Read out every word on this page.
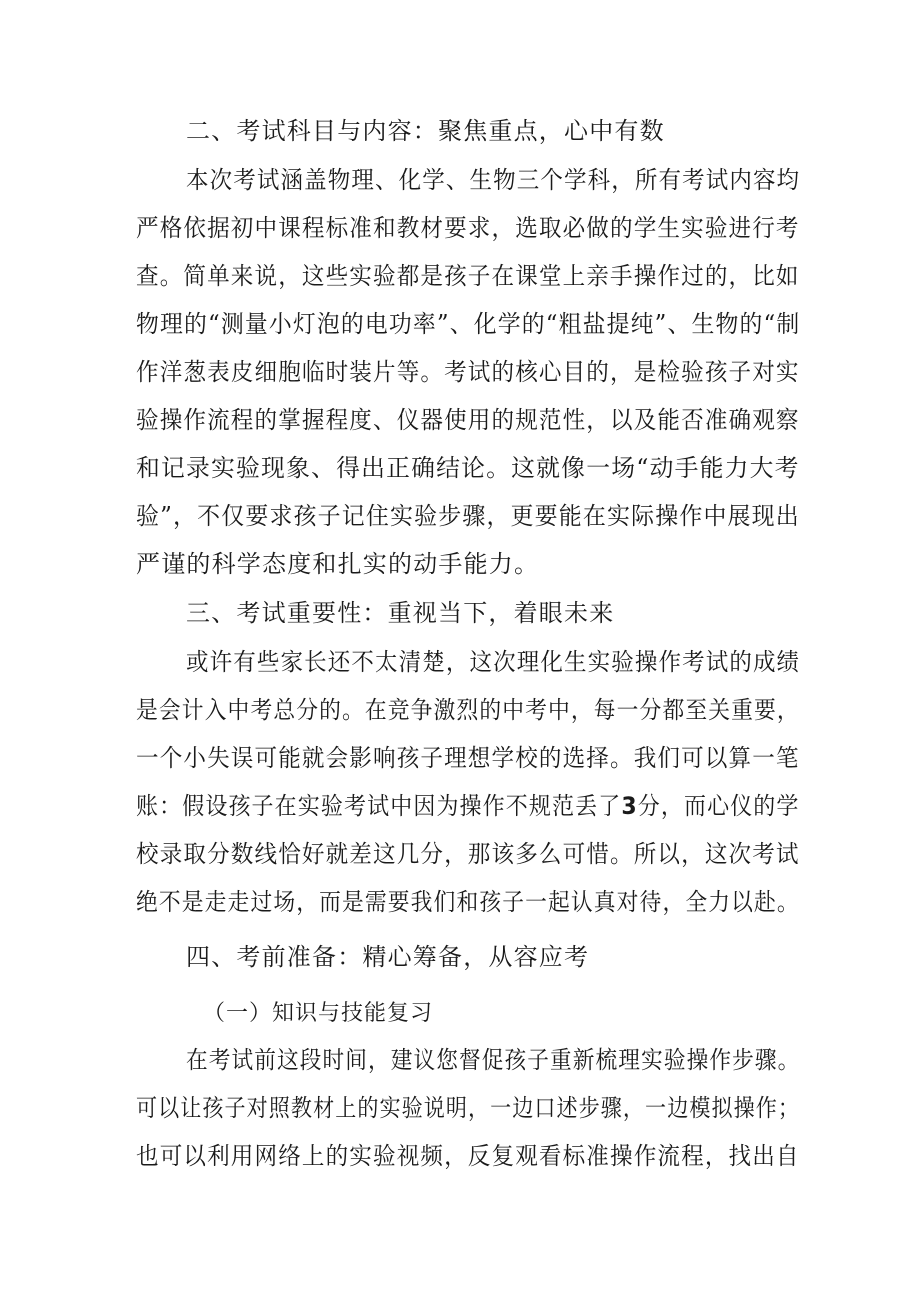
二、考试科目与内容：聚焦重点，心中有数
本次考试涵盖物理、化学、生物三个学科，所有考试内容均
严格依据初中课程标准和教材要求，选取必做的学生实验进行考
查。简单来说，这些实验都是孩子在课堂上亲手操作过的，比如
物理的“测量小灯泡的电功率”、化学的“粗盐提纯”、生物的“制
作洋葱表皮细胞临时装片等。考试的核心目的，是检验孩子对实
验操作流程的掌握程度、仪器使用的规范性，以及能否准确观察
和记录实验现象、得出正确结论。这就像一场“动手能力大考
验”，不仅要求孩子记住实验步骤，更要能在实际操作中展现出
严谨的科学态度和扎实的动手能力。
三、考试重要性：重视当下，着眼未来
或许有些家长还不太清楚，这次理化生实验操作考试的成绩
是会计入中考总分的。在竞争激烈的中考中，每一分都至关重要，
一个小失误可能就会影响孩子理想学校的选择。我们可以算一笔
账：假设孩子在实验考试中因为操作不规范丢了3分，而心仪的学
校录取分数线恰好就差这几分，那该多么可惜。所以，这次考试
绝不是走走过场，而是需要我们和孩子一起认真对待，全力以赴。
四、考前准备：精心筹备，从容应考
（一）知识与技能复习
在考试前这段时间，建议您督促孩子重新梳理实验操作步骤。
可以让孩子对照教材上的实验说明，一边口述步骤，一边模拟操作；
也可以利用网络上的实验视频，反复观看标准操作流程，找出自
